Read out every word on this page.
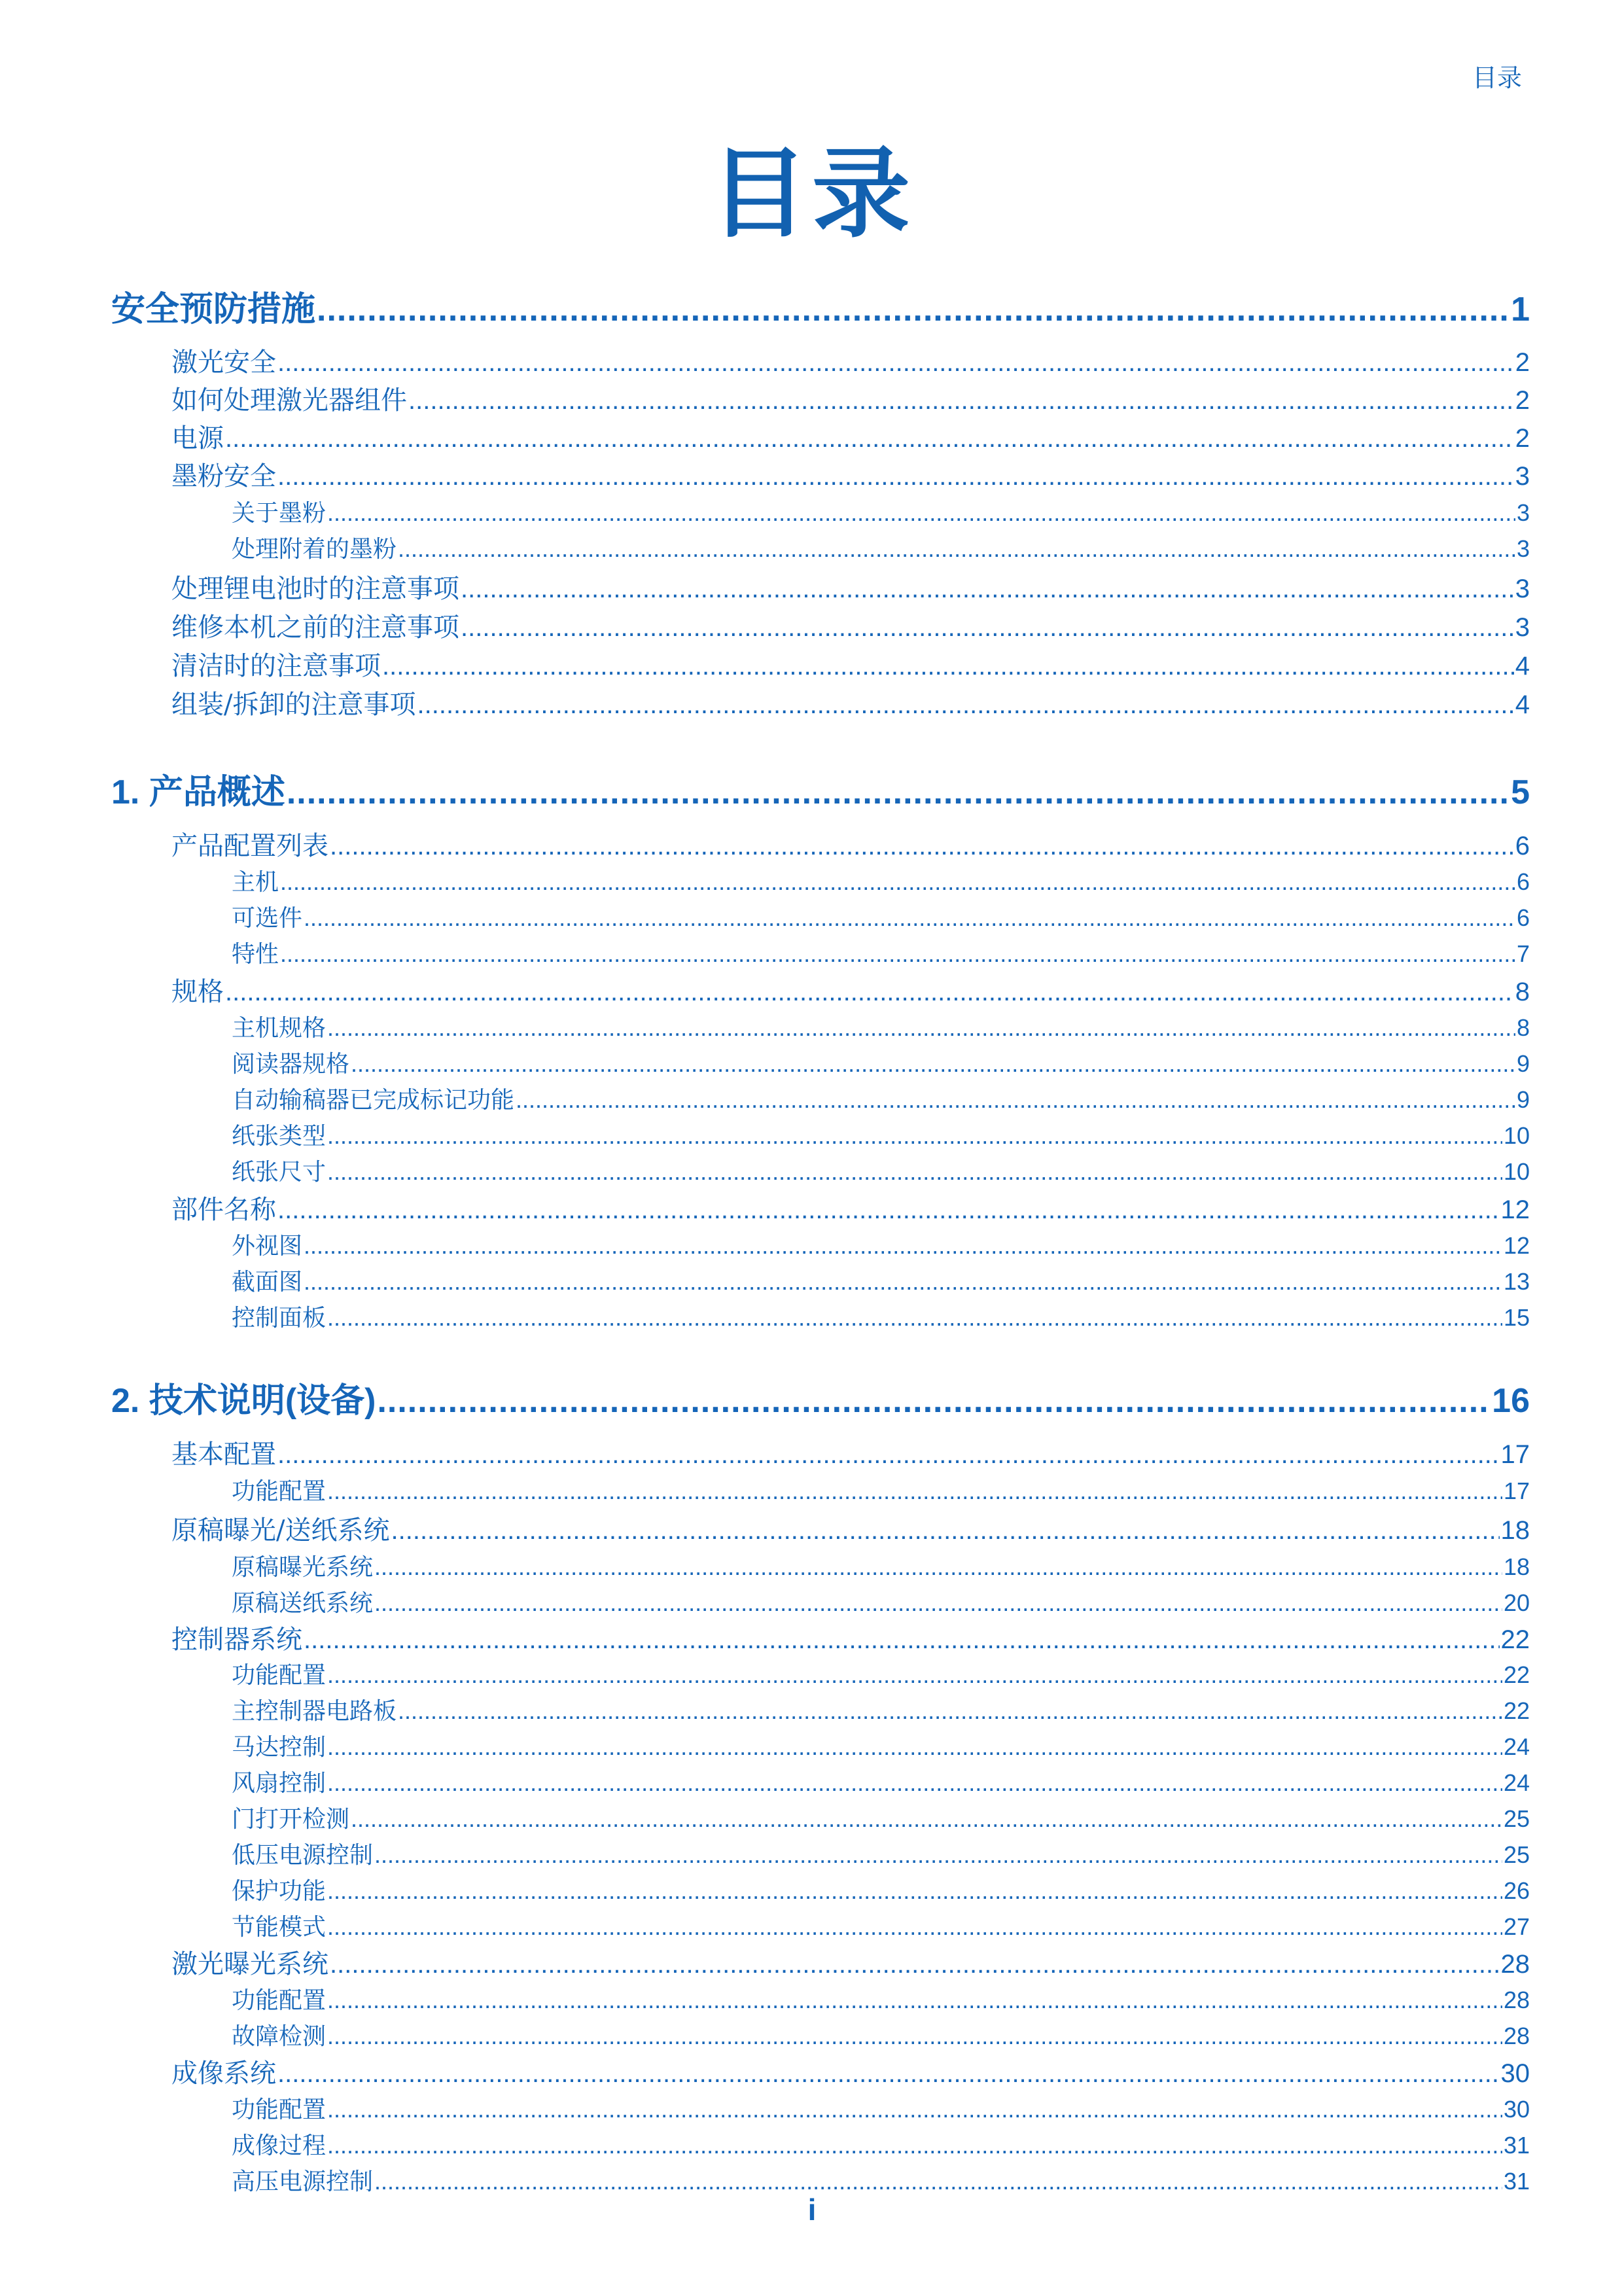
目录
目录
安全预防措施 .....	1
激光安全 .....	2
如何处理激光器组件 .....	2
电源 .....	2
墨粉安全 .....	3
关于墨粉 .....	3
处理附着的墨粉 .....	3
处理锂电池时的注意事项 .....	3
维修本机之前的注意事项 .....	3
清洁时的注意事项 .....	4
组装/拆卸的注意事项 .....	4
1. 产品概述 .....	5
产品配置列表 .....	6
主机 .....	6
可选件 .....	6
特性 .....	7
规格 .....	8
主机规格 .....	8
阅读器规格 .....	9
自动输稿器已完成标记功能 .....	9
纸张类型 .....	10
纸张尺寸 .....	10
部件名称 .....	12
外视图 .....	12
截面图 .....	13
控制面板 .....	15
2. 技术说明(设备) .....	16
基本配置 .....	17
功能配置 .....	17
原稿曝光/送纸系统 .....	18
原稿曝光系统 .....	18
原稿送纸系统 .....	20
控制器系统 .....	22
功能配置 .....	22
主控制器电路板 .....	22
马达控制 .....	24
风扇控制 .....	24
门打开检测 .....	25
低压电源控制 .....	25
保护功能 .....	26
节能模式 .....	27
激光曝光系统 .....	28
功能配置 .....	28
故障检测 .....	28
成像系统 .....	30
功能配置 .....	30
成像过程 .....	31
高压电源控制 .....	31
i
